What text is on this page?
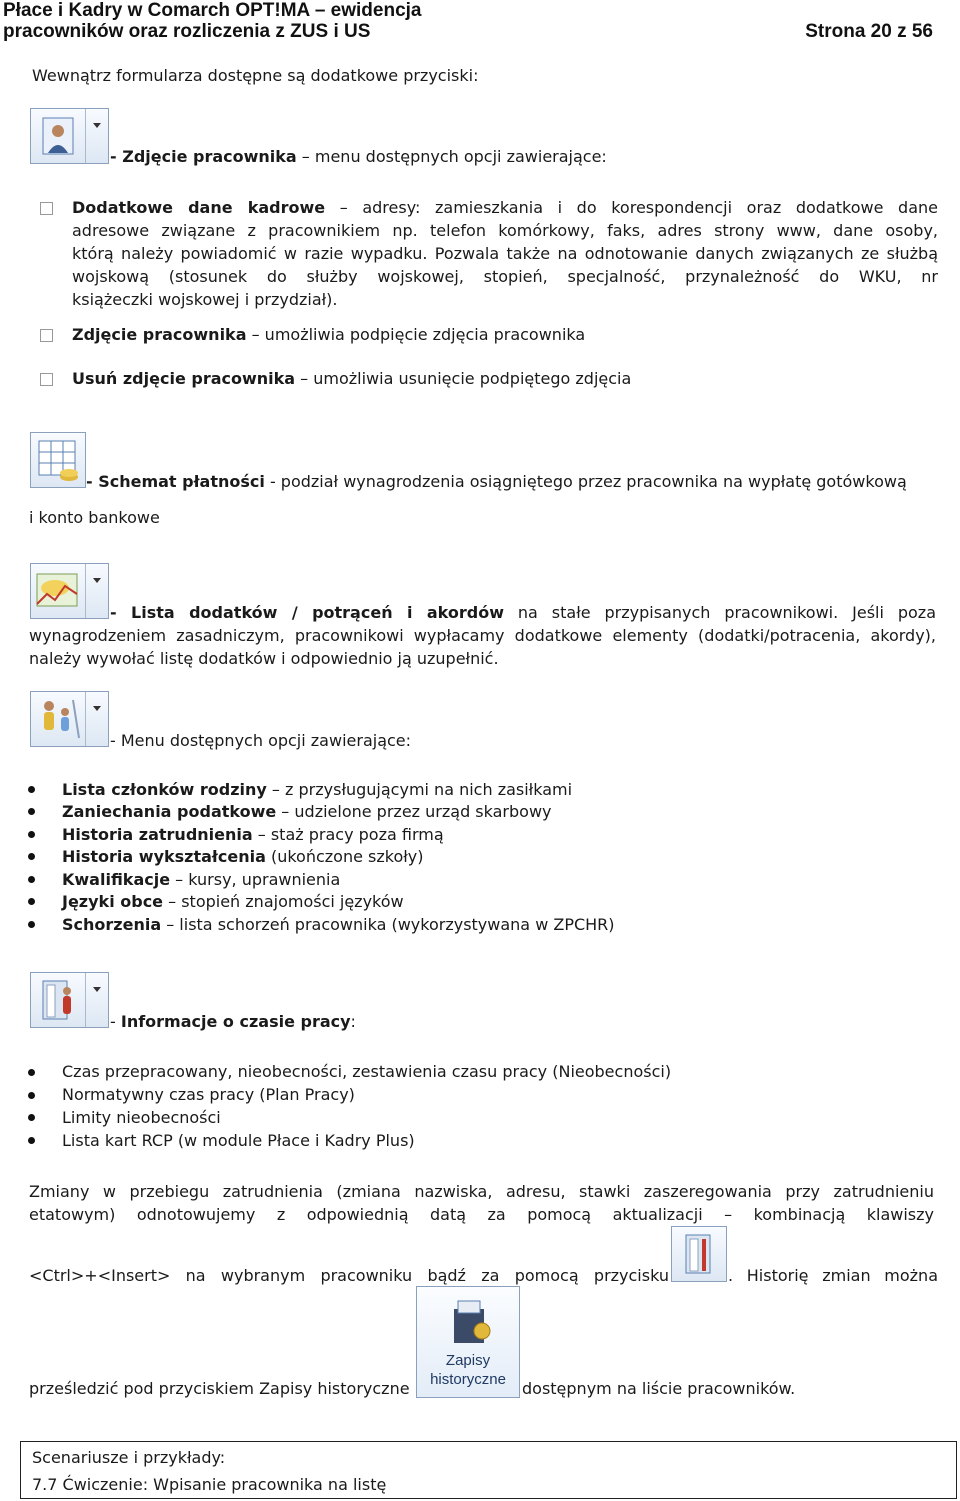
Płace i Kadry w Comarch OPT!MA – ewidencja
pracowników oraz rozliczenia z ZUS i US	Strona 20 z 56
Wewnątrz formularza dostępne są dodatkowe przyciski:
- Zdjęcie pracownika – menu dostępnych opcji zawierające:
Dodatkowe dane kadrowe – adresy: zamieszkania i do korespondencji oraz dodatkowe dane
adresowe związane z pracownikiem np. telefon komórkowy, faks, adres strony www, dane osoby,
którą należy powiadomić w razie wypadku. Pozwala także na odnotowanie danych związanych ze służbą
wojskową (stosunek do służby wojskowej, stopień, specjalność, przynależność do WKU, nr
książeczki wojskowej i przydział).
Zdjęcie pracownika – umożliwia podpięcie zdjęcia pracownika
Usuń zdjęcie pracownika – umożliwia usunięcie podpiętego zdjęcia
- Schemat płatności - podział wynagrodzenia osiągniętego przez pracownika na wypłatę gotówkową
i konto bankowe
- Lista dodatków / potrąceń i akordów na stałe przypisanych pracownikowi. Jeśli poza
wynagrodzeniem zasadniczym, pracownikowi wypłacamy dodatkowe elementy (dodatki/potracenia, akordy),
należy wywołać listę dodatków i odpowiednio ją uzupełnić.
- Menu dostępnych opcji zawierające:
Lista członków rodziny – z przysługującymi na nich zasiłkami
Zaniechania podatkowe – udzielone przez urząd skarbowy
Historia zatrudnienia – staż pracy poza firmą
Historia wykształcenia (ukończone szkoły)
Kwalifikacje – kursy, uprawnienia
Języki obce – stopień znajomości języków
Schorzenia – lista schorzeń pracownika (wykorzystywana w ZPCHR)
- Informacje o czasie pracy:
Czas przepracowany, nieobecności, zestawienia czasu pracy (Nieobecności)
Normatywny czas pracy (Plan Pracy)
Limity nieobecności
Lista kart RCP (w module Płace i Kadry Plus)
Zmiany w przebiegu zatrudnienia (zmiana nazwiska, adresu, stawki zaszeregowania przy zatrudnieniu
etatowym) odnotowujemy z odpowiednią datą za pomocą aktualizacji – kombinacją klawiszy
<Ctrl>+<Insert> na wybranym pracowniku bądź za pomocą przycisku	. Historię zmian można
prześledzić pod przyciskiem Zapisy historyczne
Zapisy historyczne	dostępnym na liście pracowników.
Scenariusze i przykłady:
7.7 Ćwiczenie: Wpisanie pracownika na listę
